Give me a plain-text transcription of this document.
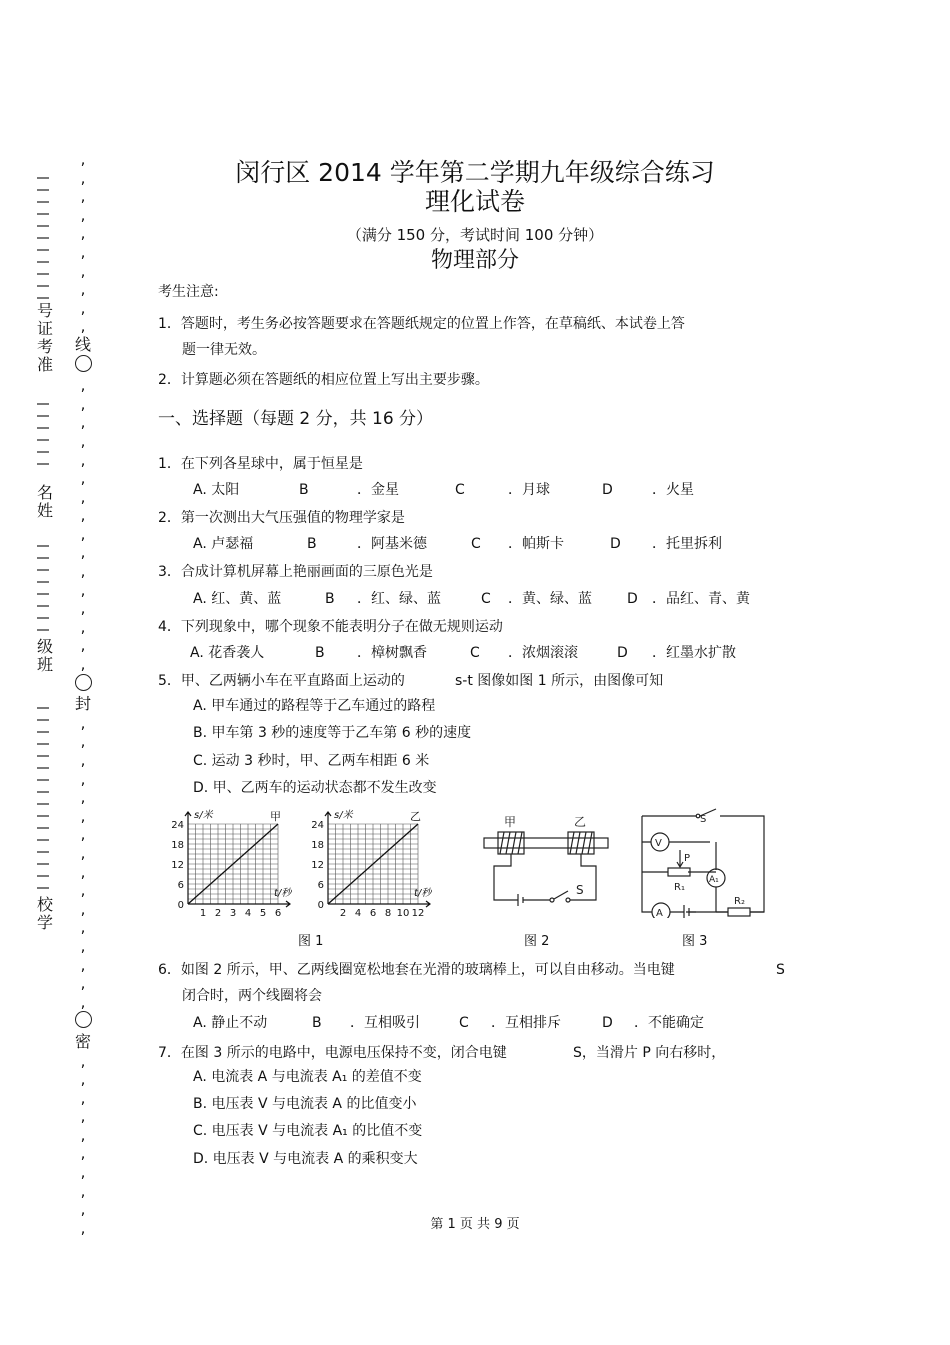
号
证
考
准
名
姓
级
班
校
学
,
,
,
,
,
,
,
,
,
,
线
,
,
,
,
,
,
,
,
,
,
,
,
,
,
,
,
封
,
,
,
,
,
,
,
,
,
,
,
,
,
,
,
,
密
,
,
,
,
,
,
,
,
,
,
闵行区 2014 学年第二学期九年级综合练习
理化试卷
（满分 150 分，考试时间 100 分钟）
物理部分
考生注意:
1．答题时，考生务必按答题要求在答题纸规定的位置上作答，在草稿纸、本试卷上答
题一律无效。
2．计算题必须在答题纸的相应位置上写出主要步骤。
一、选择题（每题 2 分，共 16 分）
1．在下列各星球中，属于恒星是
A. 太阳	B	．金星	C	．月球	D	．火星
2．第一次测出大气压强值的物理学家是
A. 卢瑟福	B	．阿基米德	C ．帕斯卡	D ．托里拆利
3．合成计算机屏幕上艳丽画面的三原色光是
A. 红、黄、蓝	B ．红、绿、蓝	C ．黄、绿、蓝	D ．品红、青、黄
4．下列现象中，哪个现象不能表明分子在做无规则运动
A. 花香袭人	B ．樟树飘香	C ．浓烟滚滚	D ．红墨水扩散
5．甲、乙两辆小车在平直路面上运动的	s-t 图像如图 1 所示，由图像可知
A. 甲车通过的路程等于乙车通过的路程
B. 甲车第 3 秒的速度等于乙车第 6 秒的速度
C. 运动 3 秒时，甲、乙两车相距 6 米
D. 甲、乙两车的运动状态都不发生改变
24
18
12
6
0
1 2 3 4 5 6
s/米
t/秒
甲
24
18
12
6
0
2 4 6 8 10 12
s/米
t/秒
乙
图 1
甲	乙
S
图 2
S
V
P
R₁
A₁
A
R₂
图 3
6．如图 2 所示，甲、乙两线圈宽松地套在光滑的玻璃棒上，可以自由移动。当电键	S
闭合时，两个线圈将会
A. 静止不动	B ．互相吸引	C ．互相排斥	D ．不能确定
7．在图 3 所示的电路中，电源电压保持不变，闭合电键	S，当滑片 P 向右移时，
A. 电流表 A 与电流表 A₁ 的差值不变
B. 电压表 V 与电流表 A 的比值变小
C. 电压表 V 与电流表 A₁ 的比值不变
D. 电压表 V 与电流表 A 的乘积变大
第 1 页 共 9 页
